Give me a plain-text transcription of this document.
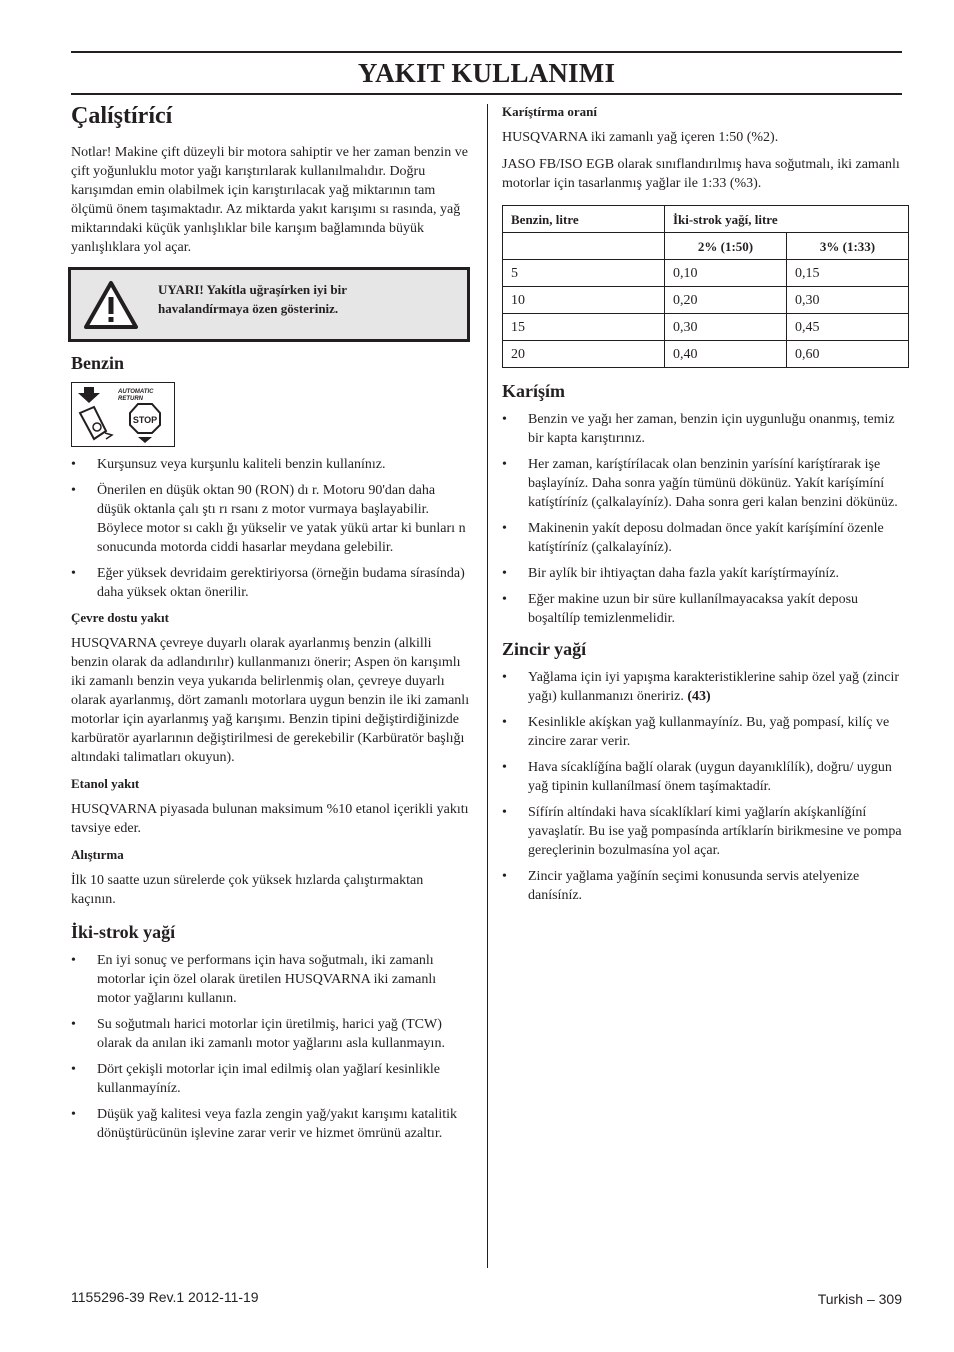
YAKIT KULLANIMI
Çalíştírící

Notlar! Makine çift düzeyli bir motora sahiptir ve her zaman benzin ve çift yoğunluklu motor yağı karıştırılarak kullanılmalıdır. Doğru karışımdan emin olabilmek için karıştırılacak yağ miktarının tam ölçümü önem taşımaktadır. Az miktarda yakıt karışımı sı rasında, yağ miktarındaki küçük yanlışlıklar bile karışım bağlamında büyük yanlışlıklara yol açar.

UYARI! Yakítla uğraşírken iyi bir
havalandírmaya özen gösteriniz.
Benzin
AUTOMATIC
RETURN
STOP
• Kurşunsuz veya kurşunlu kaliteli benzin kullanínız.
• Önerilen en düşük oktan 90 (RON) dı r. Motoru 90'dan daha düşük oktanla çalı ştı rı rsanı z motor vurmaya başlayabilir. Böylece motor sı caklı ğı yükselir ve yatak yükü artar ki bunları n sonucunda motorda ciddi hasarlar meydana gelebilir.
• Eğer yüksek devridaim gerektiriyorsa (örneğin budama sírasínda) daha yüksek oktan önerilir.
Çevre dostu yakıt

HUSQVARNA çevreye duyarlı olarak ayarlanmış benzin (alkilli benzin olarak da adlandırılır) kullanmanızı önerir; Aspen ön karışımlı iki zamanlı benzin veya yukarıda belirlenmiş olan, çevreye duyarlı olarak ayarlanmış, dört zamanlı motorlara uygun benzin ile iki zamanlı motorlar için ayarlanmış yağ karışımı. Benzin tipini değiştirdiğinizde karbüratör ayarlarının değiştirilmesi de gerekebilir (Karbüratör başlığı altındaki talimatları okuyun).

Etanol yakıt

HUSQVARNA piyasada bulunan maksimum %10 etanol içerikli yakıtı tavsiye eder.

Alıştırma

İlk 10 saatte uzun sürelerde çok yüksek hızlarda çalıştırmaktan kaçının.

İki-strok yağí
• En iyi sonuç ve performans için hava soğutmalı, iki zamanlı motorlar için özel olarak üretilen HUSQVARNA iki zamanlı motor yağlarını kullanın.
• Su soğutmalı harici motorlar için üretilmiş, harici yağ (TCW) olarak da anılan iki zamanlı motor yağlarını asla kullanmayın.
• Dört çekişli motorlar için imal edilmiş olan yağlarí kesinlikle kullanmayíníz.
• Düşük yağ kalitesi veya fazla zengin yağ/yakıt karışımı katalitik dönüştürücünün işlevine zarar verir ve hizmet ömrünü azaltır.
Karíştírma oraní

HUSQVARNA iki zamanlı yağ içeren 1:50 (%2).

JASO FB/ISO EGB olarak sınıflandırılmış hava soğutmalı, iki zamanlı motorlar için tasarlanmış yağlar ile 1:33 (%3).

Benzin, litre	İki-strok yağí, litre	
	2% (1:50)	3% (1:33)
5	0,10	0,15
10	0,20	0,30
15	0,30	0,45
20	0,40	0,60
Karíşím
• Benzin ve yağı her zaman, benzin için uygunluğu onanmış, temiz bir kapta karıştırınız.
• Her zaman, karíştírílacak olan benzinin yarísíní karíştírarak işe başlayíníz. Daha sonra yağín tümünü dökünüz. Yakít karíşímíní katíştíríníz (çalkalayíníz). Daha sonra geri kalan benzini dökünüz.
• Makinenin yakít deposu dolmadan önce yakít karíşímíní özenle katíştíríníz (çalkalayíníz).
• Bir aylík bir ihtiyaçtan daha fazla yakít karíştírmayíníz.
• Eğer makine uzun bir süre kullanílmayacaksa yakít deposu boşaltílíp temizlenmelidir.
Zincir yağí
• Yağlama için iyi yapışma karakteristiklerine sahip özel yağ (zincir yağı) kullanmanızı öneririz. (43)
• Kesinlikle akíşkan yağ kullanmayíníz. Bu, yağ pompasí, kilíç ve zincire zarar verir.
• Hava sícaklíğína bağlí olarak (uygun dayanıklílík), doğru/ uygun yağ tipinin kullanílmasí önem taşímaktadír.
• Sífírín altíndaki hava sícaklíklarí kimi yağlarín akíşkanlíğíní yavaşlatír. Bu ise yağ pompasínda artíklarín birikmesine ve pompa gereçlerinin bozulmasína yol açar.
• Zincir yağlama yağínín seçimi konusunda servis atelyenize danísíníz.
1155296-39 Rev.1 2012-11-19	Turkish – 309
